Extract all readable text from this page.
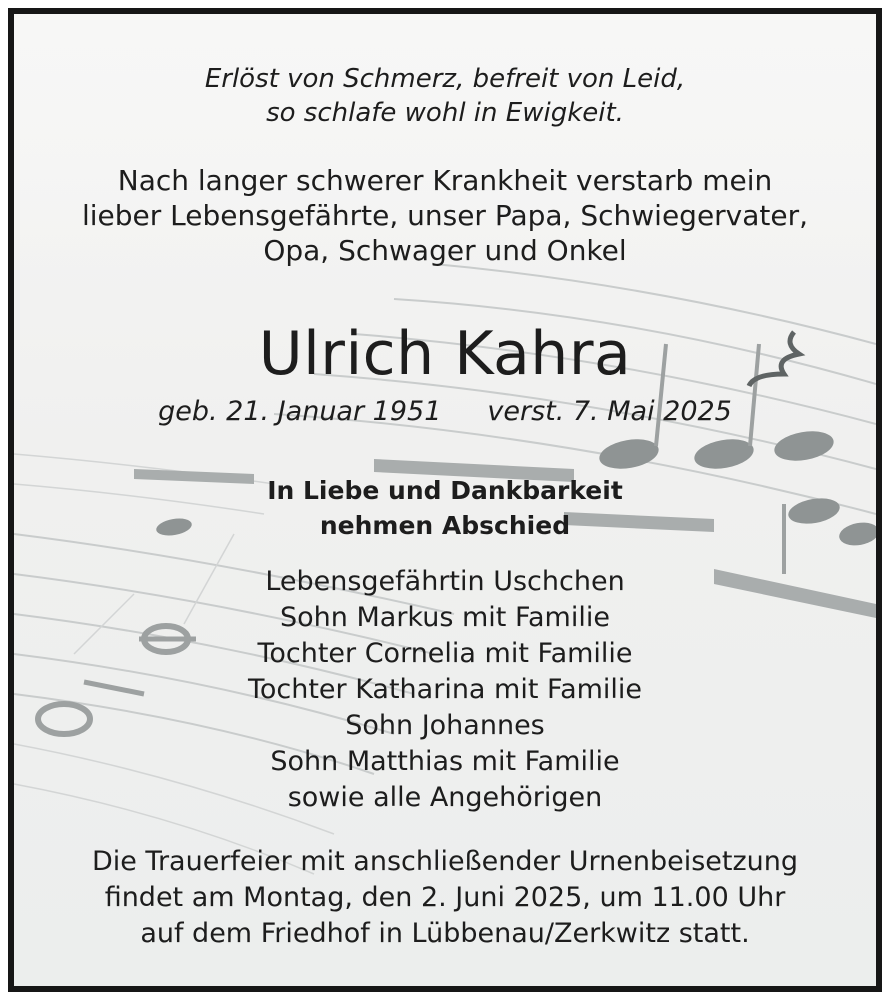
Erlöst von Schmerz, befreit von Leid,
so schlafe wohl in Ewigkeit.
Nach langer schwerer Krankheit verstarb mein
lieber Lebensgefährte, unser Papa, Schwiegervater,
Opa, Schwager und Onkel
Ulrich Kahra
geb. 21. Januar 1951 verst. 7. Mai 2025
In Liebe und Dankbarkeit
nehmen Abschied
Lebensgefährtin Uschchen
Sohn Markus mit Familie
Tochter Cornelia mit Familie
Tochter Katharina mit Familie
Sohn Johannes
Sohn Matthias mit Familie
sowie alle Angehörigen
Die Trauerfeier mit anschließender Urnenbeisetzung
findet am Montag, den 2. Juni 2025, um 11.00 Uhr
auf dem Friedhof in Lübbenau/Zerkwitz statt.
